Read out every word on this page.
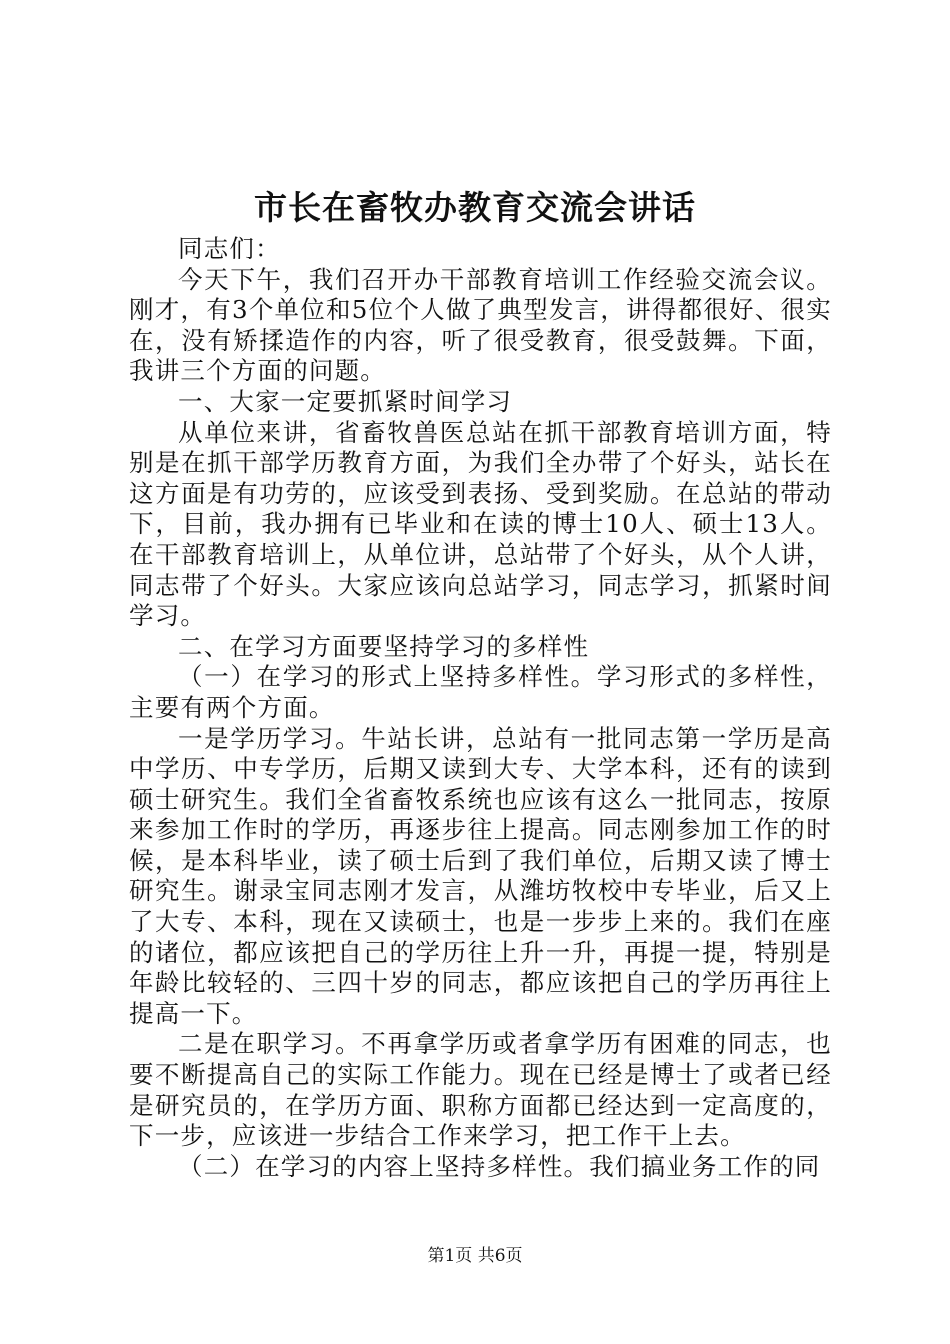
市长在畜牧办教育交流会讲话

同志们：

今天下午，我们召开办干部教育培训工作经验交流会议。刚才，有3个单位和5位个人做了典型发言，讲得都很好、很实在，没有矫揉造作的内容，听了很受教育，很受鼓舞。下面，我讲三个方面的问题。

一、大家一定要抓紧时间学习

从单位来讲，省畜牧兽医总站在抓干部教育培训方面，特别是在抓干部学历教育方面，为我们全办带了个好头，站长在这方面是有功劳的，应该受到表扬、受到奖励。在总站的带动下，目前，我办拥有已毕业和在读的博士10人、硕士13人。在干部教育培训上，从单位讲，总站带了个好头，从个人讲，同志带了个好头。大家应该向总站学习，同志学习，抓紧时间学习。

二、在学习方面要坚持学习的多样性

（一）在学习的形式上坚持多样性。学习形式的多样性，主要有两个方面。

一是学历学习。牛站长讲，总站有一批同志第一学历是高中学历、中专学历，后期又读到大专、大学本科，还有的读到硕士研究生。我们全省畜牧系统也应该有这么一批同志，按原来参加工作时的学历，再逐步往上提高。同志刚参加工作的时候，是本科毕业，读了硕士后到了我们单位，后期又读了博士研究生。谢录宝同志刚才发言，从潍坊牧校中专毕业，后又上了大专、本科，现在又读硕士，也是一步步上来的。我们在座的诸位，都应该把自己的学历往上升一升，再提一提，特别是年龄比较轻的、三四十岁的同志，都应该把自己的学历再往上提高一下。

二是在职学习。不再拿学历或者拿学历有困难的同志，也要不断提高自己的实际工作能力。现在已经是博士了或者已经是研究员的，在学历方面、职称方面都已经达到一定高度的，下一步，应该进一步结合工作来学习，把工作干上去。

（二）在学习的内容上坚持多样性。我们搞业务工作的同

第1页 共6页
